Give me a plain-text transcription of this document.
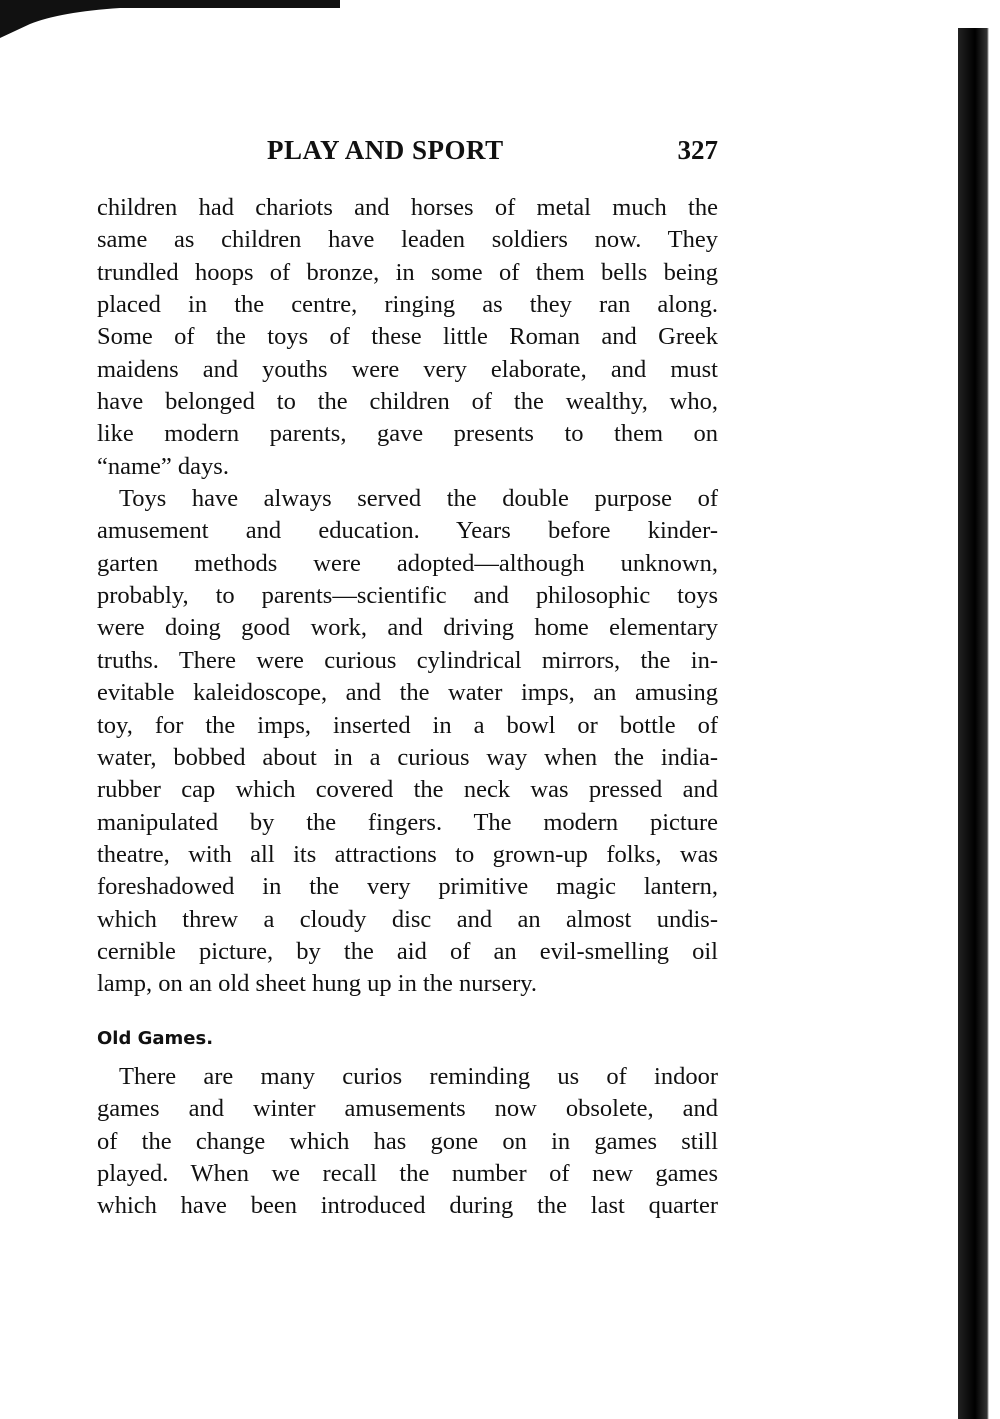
PLAY AND SPORT	327
children had chariots and horses of metal much the
same as children have leaden soldiers now. They
trundled hoops of bronze, in some of them bells being
placed in the centre, ringing as they ran along.
Some of the toys of these little Roman and Greek
maidens and youths were very elaborate, and must
have belonged to the children of the wealthy, who,
like modern parents, gave presents to them on
“name” days.
Toys have always served the double purpose of
amusement and education. Years before kinder-
garten methods were adopted—although unknown,
probably, to parents—scientific and philosophic toys
were doing good work, and driving home elementary
truths. There were curious cylindrical mirrors, the in-
evitable kaleidoscope, and the water imps, an amusing
toy, for the imps, inserted in a bowl or bottle of
water, bobbed about in a curious way when the india-
rubber cap which covered the neck was pressed and
manipulated by the fingers. The modern picture
theatre, with all its attractions to grown-up folks, was
foreshadowed in the very primitive magic lantern,
which threw a cloudy disc and an almost undis-
cernible picture, by the aid of an evil-smelling oil
lamp, on an old sheet hung up in the nursery.
Old Games.
There are many curios reminding us of indoor
games and winter amusements now obsolete, and
of the change which has gone on in games still
played. When we recall the number of new games
which have been introduced during the last quarter
